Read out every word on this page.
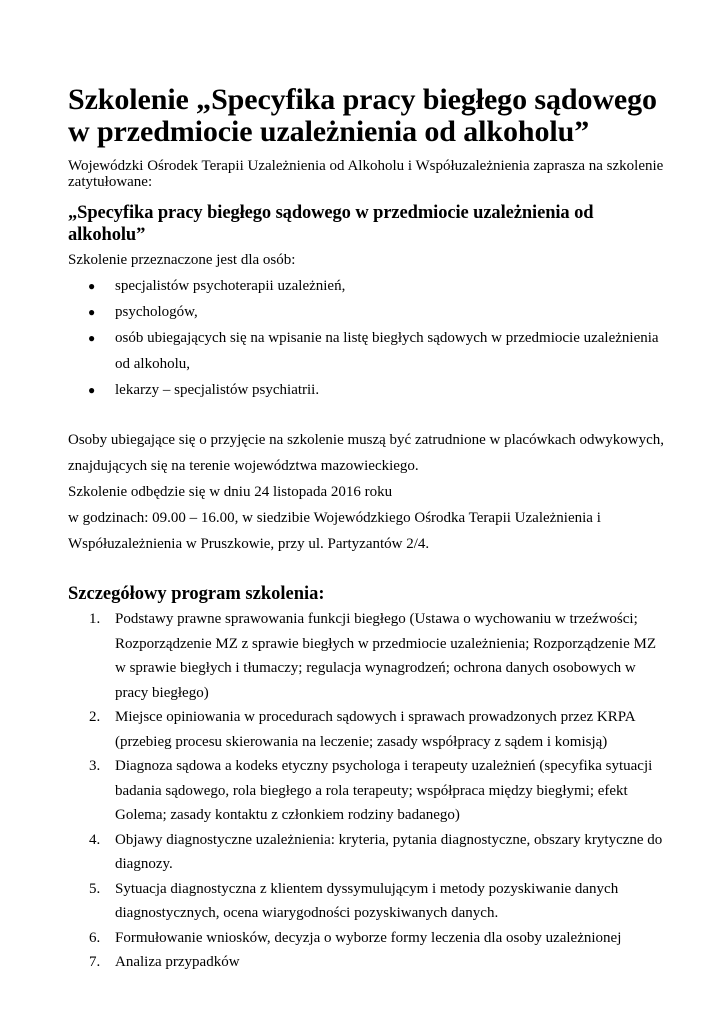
Szkolenie „Specyfika pracy biegłego sądowego w przedmiocie uzależnienia od alkoholu”

Wojewódzki Ośrodek Terapii Uzależnienia od Alkoholu i Współuzależnienia zaprasza na szkolenie zatytułowane:

„Specyfika pracy biegłego sądowego w przedmiocie uzależnienia od alkoholu”

Szkolenie przeznaczone jest dla osób:

● specjalistów psychoterapii uzależnień,
● psychologów,
● osób ubiegających się na wpisanie na listę biegłych sądowych w przedmiocie uzależnienia od alkoholu,
● lekarzy – specjalistów psychiatrii.

Osoby ubiegające się o przyjęcie na szkolenie muszą być zatrudnione w placówkach odwykowych, znajdujących się na terenie województwa mazowieckiego.

Szkolenie odbędzie się w dniu 24 listopada 2016 roku

w godzinach: 09.00 – 16.00, w siedzibie Wojewódzkiego Ośrodka Terapii Uzależnienia i Współuzależnienia w Pruszkowie, przy ul. Partyzantów 2/4.

Szczegółowy program szkolenia:
1. Podstawy prawne sprawowania funkcji biegłego (Ustawa o wychowaniu w trzeźwości; Rozporządzenie MZ z sprawie biegłych w przedmiocie uzależnienia; Rozporządzenie MZ w sprawie biegłych i tłumaczy; regulacja wynagrodzeń; ochrona danych osobowych w pracy biegłego)
2. Miejsce opiniowania w procedurach sądowych i sprawach prowadzonych przez KRPA (przebieg procesu skierowania na leczenie; zasady współpracy z sądem i komisją)
3. Diagnoza sądowa a kodeks etyczny psychologa i terapeuty uzależnień (specyfika sytuacji badania sądowego, rola biegłego a rola terapeuty; współpraca między biegłymi; efekt Golema; zasady kontaktu z członkiem rodziny badanego)
4. Objawy diagnostyczne uzależnienia: kryteria, pytania diagnostyczne, obszary krytyczne do diagnozy.
5. Sytuacja diagnostyczna z klientem dyssymulującym i metody pozyskiwanie danych diagnostycznych, ocena wiarygodności pozyskiwanych danych.
6. Formułowanie wniosków, decyzja o wyborze formy leczenia dla osoby uzależnionej
7. Analiza przypadków
